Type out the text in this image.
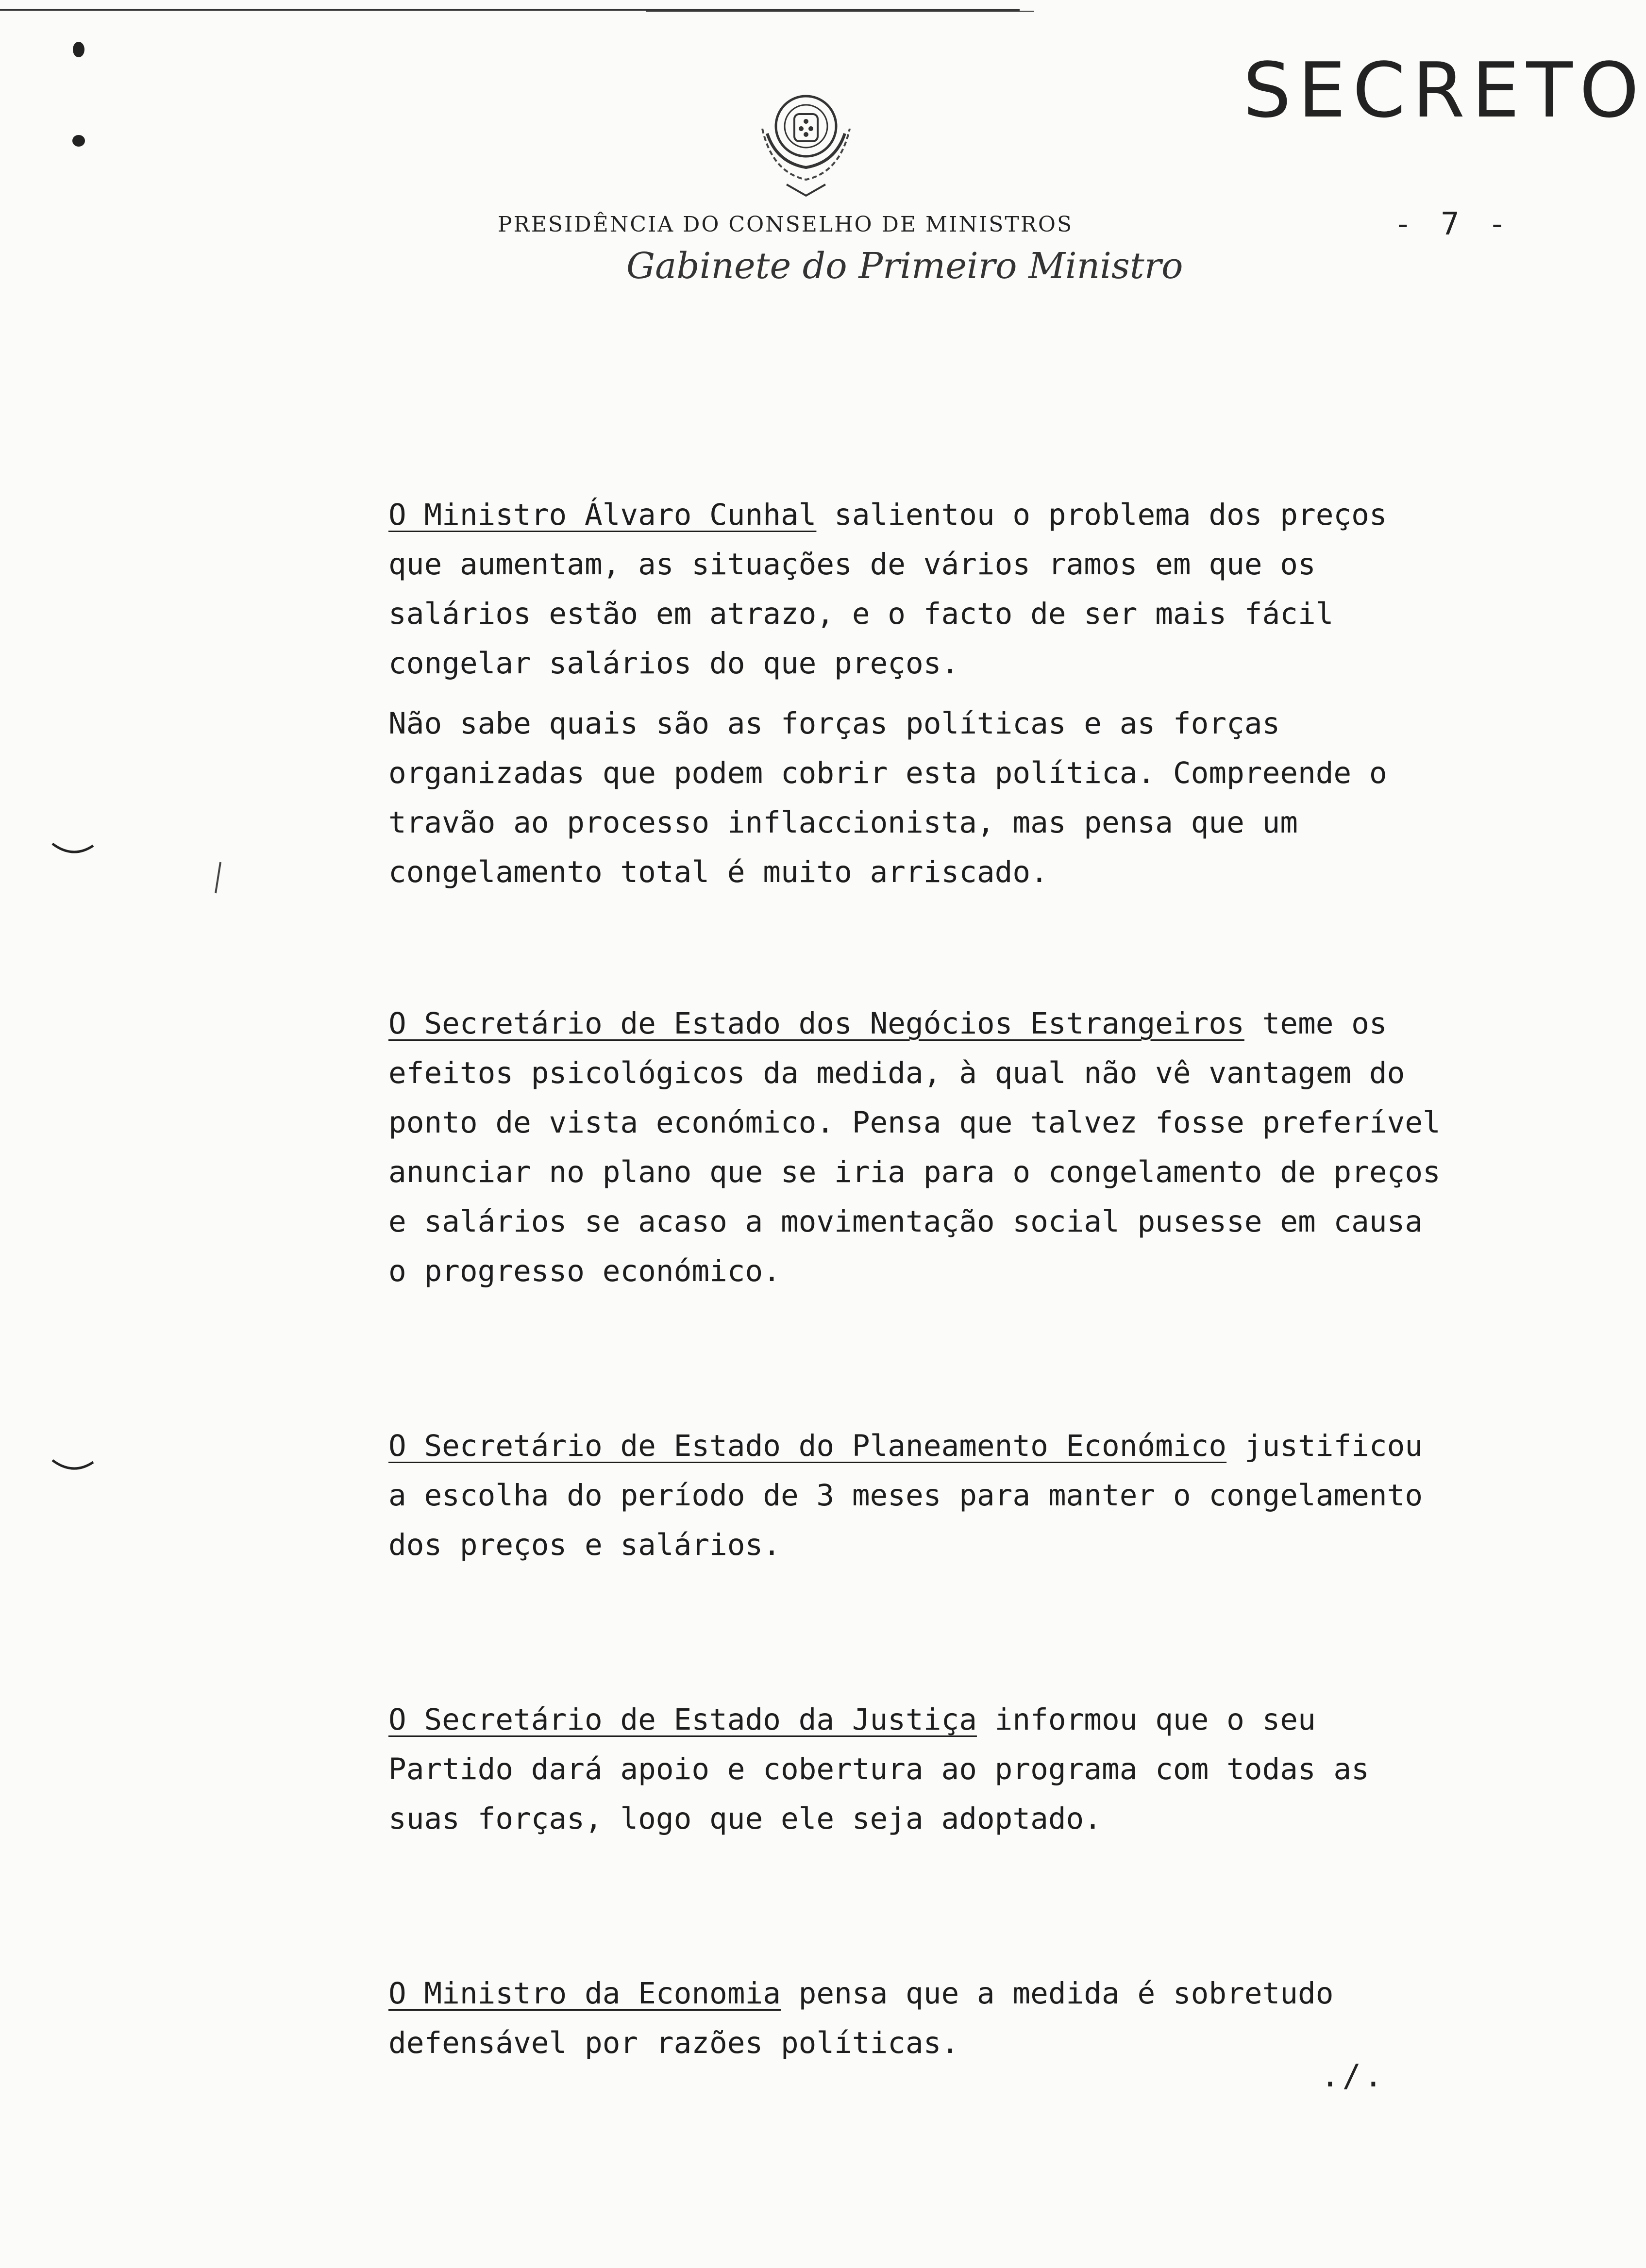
SECRETO
PRESIDÊNCIA DO CONSELHO DE MINISTROS	- 7 -
Gabinete do Primeiro Ministro

O Ministro Álvaro Cunhal salientou o problema dos preços que aumentam, as situações de vários ramos em que os salários estão em atrazo, e o facto de ser mais fácil congelar salários do que preços.

Não sabe quais são as forças políticas e as forças organizadas que podem cobrir esta política. Compreende o travão ao processo inflaccionista, mas pensa que um congelamento total é muito arriscado.

O Secretário de Estado dos Negócios Estrangeiros teme os efeitos psicológicos da medida, à qual não vê vantagem do ponto de vista económico. Pensa que talvez fosse preferível anunciar no plano que se iria para o congelamento de preços e salários se acaso a movimentação social pusesse em causa o progresso económico.

O Secretário de Estado do Planeamento Económico justificou a escolha do período de 3 meses para manter o congelamento dos preços e salários.

O Secretário de Estado da Justiça informou que o seu Partido dará apoio e cobertura ao programa com todas as suas forças, logo que ele seja adoptado.

O Ministro da Economia pensa que a medida é sobretudo defensável por razões políticas.

./.
